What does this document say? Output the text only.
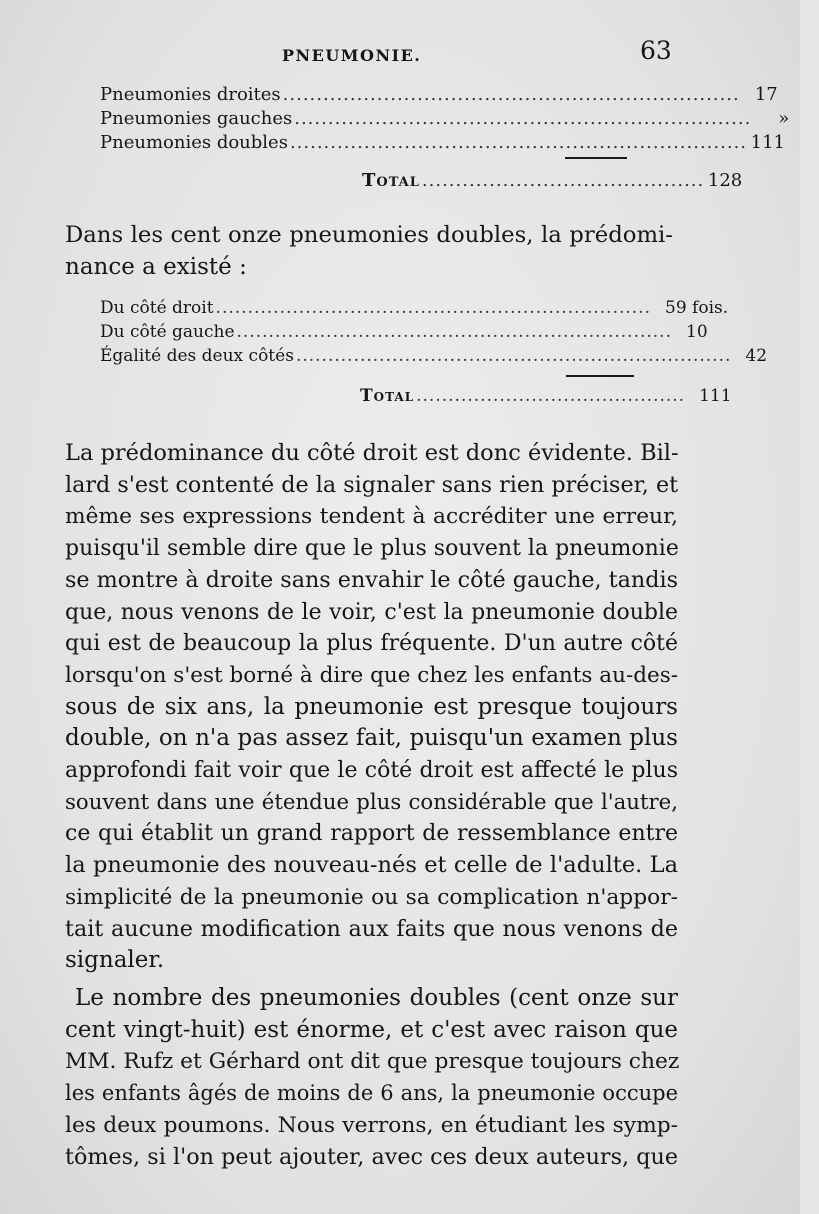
PNEUMONIE.	63
Pneumonies droites .................................................................... 17
Pneumonies gauches ....................................................................	»
Pneumonies doubles .................................................................... 111
Total .......................................... 128
Dans les cent onze pneumonies doubles, la prédomi-
nance a existé :
Du côté droit .................................................................... 59 fois.
Du côté gauche .................................................................... 10
Égalité des deux côtés .................................................................... 42
Total .......................................... 111
La prédominance du côté droit est donc évidente. Bil-
lard s'est contenté de la signaler sans rien préciser, et
même ses expressions tendent à accréditer une erreur,
puisqu'il semble dire que le plus souvent la pneumonie
se montre à droite sans envahir le côté gauche, tandis
que, nous venons de le voir, c'est la pneumonie double
qui est de beaucoup la plus fréquente. D'un autre côté
lorsqu'on s'est borné à dire que chez les enfants au-des-
sous de six ans, la pneumonie est presque toujours
double, on n'a pas assez fait, puisqu'un examen plus
approfondi fait voir que le côté droit est affecté le plus
souvent dans une étendue plus considérable que l'autre,
ce qui établit un grand rapport de ressemblance entre
la pneumonie des nouveau-nés et celle de l'adulte. La
simplicité de la pneumonie ou sa complication n'appor-
tait aucune modification aux faits que nous venons de
signaler.
Le nombre des pneumonies doubles (cent onze sur
cent vingt-huit) est énorme, et c'est avec raison que
MM. Rufz et Gérhard ont dit que presque toujours chez
les enfants âgés de moins de 6 ans, la pneumonie occupe
les deux poumons. Nous verrons, en étudiant les symp-
tômes, si l'on peut ajouter, avec ces deux auteurs, que
